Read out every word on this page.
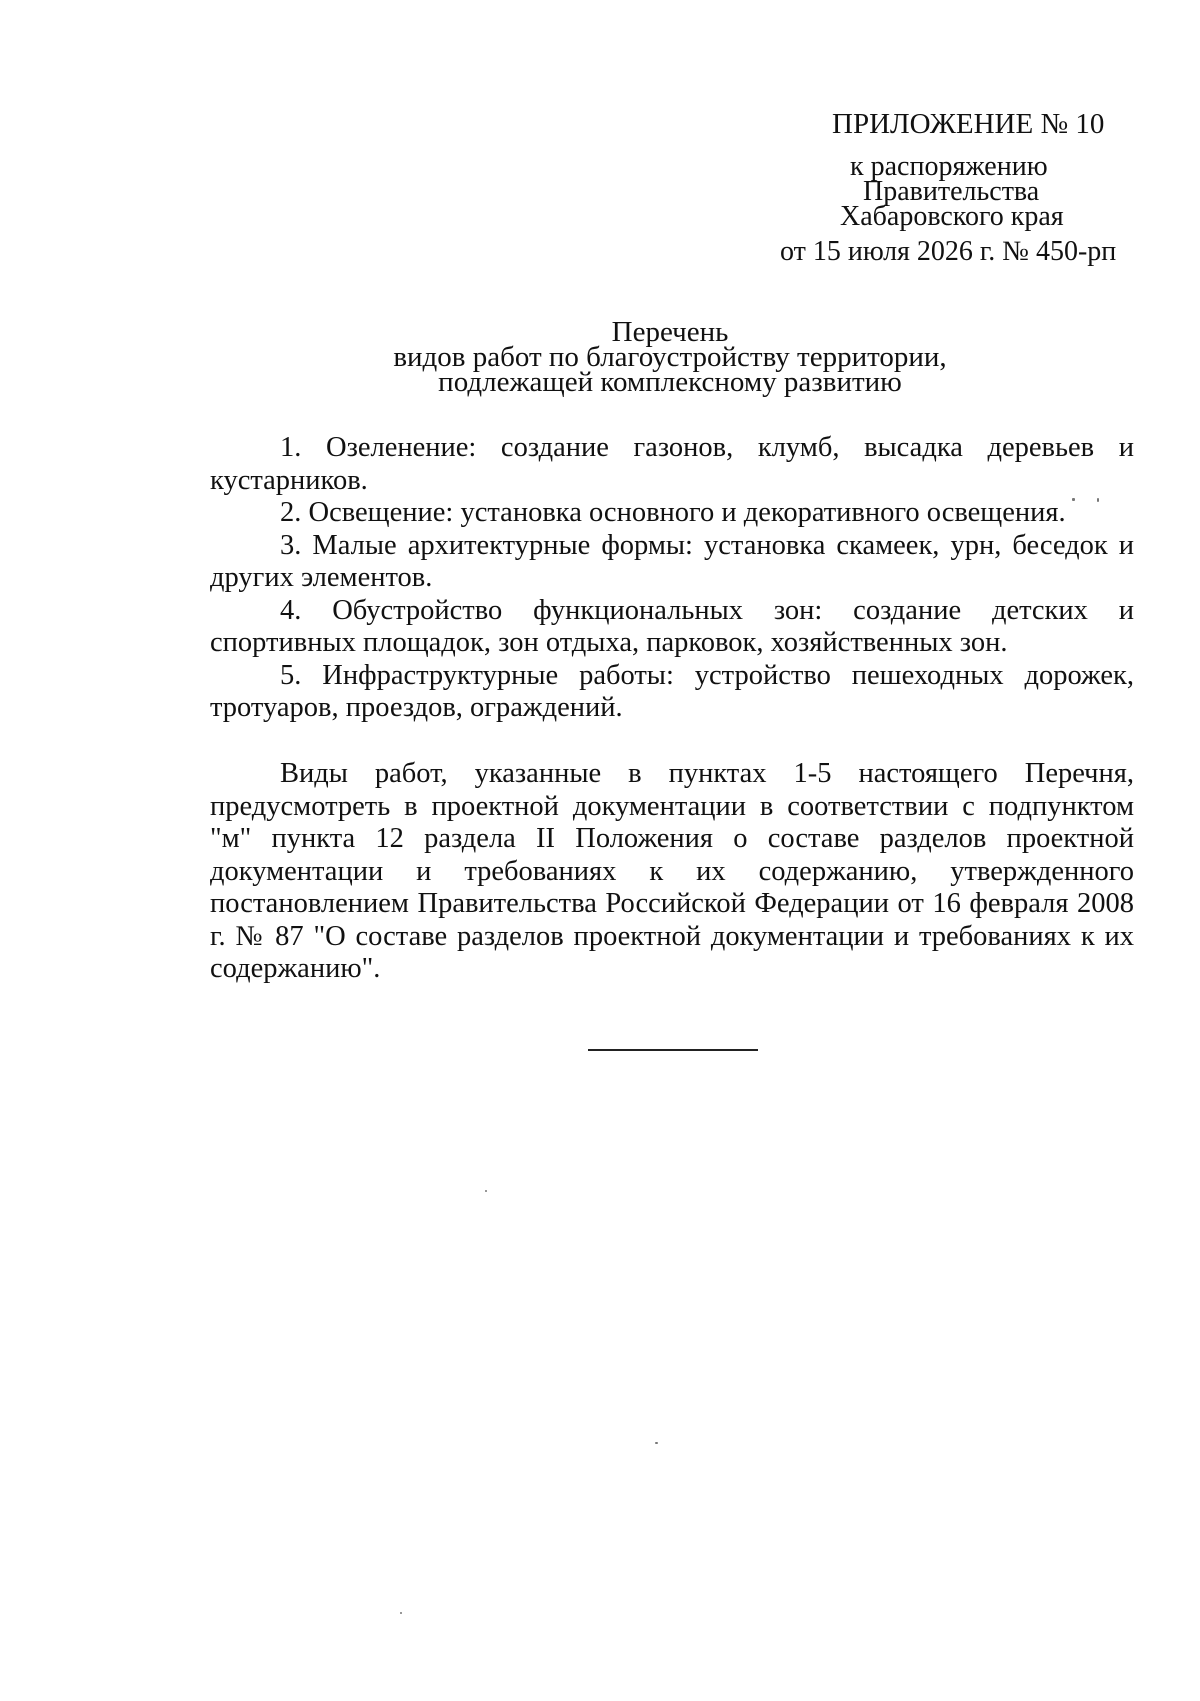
ПРИЛОЖЕНИЕ № 10
к распоряжению
Правительства
Хабаровского края
от 15 июля 2026 г. № 450-рп
Перечень
видов работ по благоустройству территории,
подлежащей комплексному развитию

1. Озеленение: создание газонов, клумб, высадка деревьев и кустарников.

2. Освещение: установка основного и декоративного освещения.

3. Малые архитектурные формы: установка скамеек, урн, беседок и других элементов.

4. Обустройство функциональных зон: создание детских и спортивных площадок, зон отдыха, парковок, хозяйственных зон.

5. Инфраструктурные работы: устройство пешеходных дорожек, тротуаров, проездов, ограждений.

Виды работ, указанные в пунктах 1-5 настоящего Перечня, предусмотреть в проектной документации в соответствии с подпунктом "м" пункта 12 раздела II Положения о составе разделов проектной документации и требованиях к их содержанию, утвержденного постановлением Правительства Российской Федерации от 16 февраля 2008 г. № 87 "О составе разделов проектной документации и требованиях к их содержанию".
